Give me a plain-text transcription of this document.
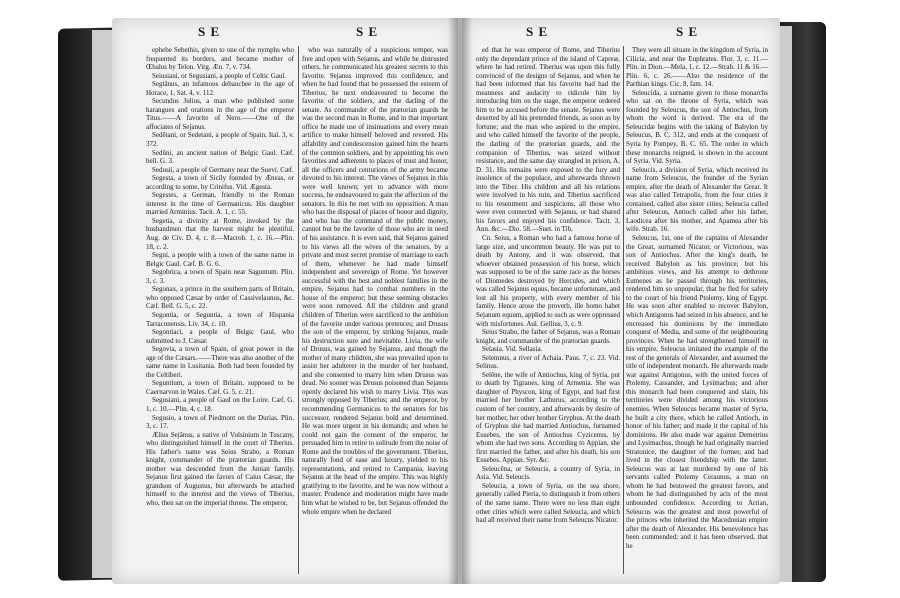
S E	S E

ephebe Sebethis, given to one of the nymphs who frequented its borders, and became mother of Œbalus by Telon. Virg. Æn. 7, v. 734.

Seiusiani, or Segusiani, a people of Celtic Gaul.

Segtânus, an infamous debauchee in the age of Horace, 1, Sat. 4, v. 112.

Secundus Julius, a man who published some harangues and orations in the age of the emperor Titus.——A favorite of Nero.——One of the affociates of Sejanus.

Sedêtani, or Sedetani, a people of Spain. Ital. 3, v. 372.

Sedûni, an ancient nation of Belgic Gaul. Cæf. bell. G. 3.

Sedusii, a people of Germany near the Suevi. Cæf.

Segesta, a town of Sicily founded by Æneas, or according to some, by Crinifus. Vid. Ægesta.

Segestes, a German, friendly to the Roman interest in the time of Germanicus. His daughter married Arminius. Tacit. A. 1, c. 55.

Segetia, a divinity at Rome, invoked by the husbandmen that the harvest might be plentiful. Aug. de Civ. D. 4, c. 8.—Macrob. 1, c. 16.—Plin. 18, c. 2.

Segni, a people with a town of the same name in Belgic Gaul. Cæf. B. G. 6.

Segobrica, a town of Spain near Saguntum. Plin. 3, c. 3.

Segonax, a prince in the southern parts of Britain, who opposed Cæsar by order of Cassivelaunus, &c. Cæf. Bell. G. 5, c. 22.

Segontia, or Seguntia, a town of Hispania Tarraconensis. Liv. 34, c. 10.

Segontiaci, a people of Belgic Gaul, who submitted to J. Cæsar.

Segovia, a town of Spain, of great power in the age of the Cæsars.——There was also another of the same name in Lusitania. Both had been founded by the Celtiberi.

Seguntium, a town of Britain, supposed to be Caernarvon in Wales. Cæf. G. 5, c. 21.

Segusiani, a people of Gaul on the Loire. Cæf. G. 1, c. 10.—Plin. 4, c. 18.

Segusio, a town of Piedmont on the Durias. Plin. 3, c. 17.

Ælius Sejânus, a native of Vulsinium in Tuscany, who distinguished himself in the court of Tiberius. His father's name was Seius Strabo, a Roman knight, commander of the prætorian guards. His mother was descended from the Junian family. Sejanus first gained the favors of Caius Cæsar, the grandson of Augustus, but afterwards he attached himself to the interest and the views of Tiberius, who, then sat on the imperial throne. The emperor,

who was naturally of a suspicious temper, was free and open with Sejanus, and while he distrusted others, he communicated his greatest secrets to this favorite. Sejanus improved this confidence, and when he had found that he possessed the esteem of Tiberius, he next endeavoured to become the favorite of the soldiers, and the darling of the senate. As commander of the prætorian guards he was the second man in Rome, and in that important office he made use of insinuations and every mean artifice to make himself beloved and revered. His affability and condescension gained him the hearts of the common soldiers, and by appointing his own favorites and adherents to places of trust and honor, all the officers and centurions of the army became devoted to his interest. The views of Sejanus in this were well known; yet to advance with more success, he endeavoured to gain the affection of the senators. In this he met with no opposition. A man who has the disposal of places of honor and dignity, and who has the command of the public money, cannot but be the favorite of those who are in need of his assistance. It is even said, that Sejanus gained to his views all the wives of the senators, by a private and most secret promise of marriage to each of them, whenever he had made himself independent and sovereign of Rome. Yet however successful with the best and noblest families in the empire, Sejanus had to combat numbers in the house of the emperor; but these seeming obstacles were soon removed. All the children and grand children of Tiberius were sacrificed to the ambition of the favorite under various pretences; and Drusus the son of the emperor, by striking Sejanus, made his destruction sure and inevitable. Livia, the wife of Drusus, was gained by Sejanus, and though the mother of many children, she was prevailed upon to assist her adulterer in the murder of her husband, and she consented to marry him when Drusus was dead. No sooner was Drusus poisoned than Sejanus openly declared his wish to marry Livia. This was strongly opposed by Tiberius; and the emperor, by recommending Germanicus to the senators for his successor, rendered Sejanus bold and determined. He was more urgent in his demands; and when he could not gain the consent of the emperor, he persuaded him to retire to solitude from the noise of Rome and the troubles of the government. Tiberius, naturally fond of ease and luxury, yielded to his representations, and retired to Campania, leaving Sejanus at the head of the empire. This was highly gratifying to the favorite, and he was now without a master. Prudence and moderation might have made him what he wished to be, but Sejanus offended the whole empire when he declared

S E	S E

ed that he was emperor of Rome, and Tiberius only the dependant prince of the island of Capreæ, where he had retired. Tiberius was upon this fully convinced of the designs of Sejanus, and when he had been informed that his favorite had had the meanness and audacity to ridicule him by introducing him on the stage, the emperor ordered him to be accused before the senate. Sejanus were deserted by all his pretended friends, as soon as by fortune; and the man who aspired to the empire, and who called himself the favorite of the people, the darling of the prætorian guards, and the companion of Tiberius, was seized without resistance, and the same day strangled in prison, A. D. 31. His remains were exposed to the fury and insolence of the populace, and afterwards thrown into the Tiber. His children and all his relations were involved in his ruin, and Tiberius sacrificed to his resentment and suspicions, all those who were even connected with Sejanus, or had shared his favors and enjoyed his confidence. Tacit. 3, Ann. &c.—Dio. 58.—Suet. in Tib.

Cn. Seius, a Roman who had a famous horse of large size, and uncommon beauty. He was put to death by Antony, and it was observed, that whoever obtained possession of his horse, which was supposed to be of the same race as the horses of Diomedes destroyed by Hercules, and which was called Sejanus equus, became unfortunate, and lost all his property, with every member of his family. Hence arose the proverb, ille homo habet Sejanum equum, applied to such as were oppressed with misfortunes. Aul. Gellius, 3, c. 9.

Seius Strabo, the father of Sejanus, was a Roman knight, and commander of the prætorian guards.

Selasia. Vid. Sellasia.

Selemnus, a river of Achaia. Paus. 7, c. 23. Vid. Selinus.

Selêne, the wife of Antiochus, king of Syria, put to death by Tigranes, king of Armenia. She was daughter of Physcon, king of Egypt, and had first married her brother Lathurus, according to the custom of her country, and afterwards by desire of her mother, her other brother Gryphus. At the death of Gryphus she had married Antiochus, furnamed Eusebes, the son of Antiochus Cyzicenus, by whom she had two sons. According to Appian, she first married the father, and after his death, his son Eusebes. Appian. Syr. &c.

Seleucêna, or Seleucis, a country of Syria, in Asia. Vid. Seleucis.

Seleucia, a town of Syria, on the sea shore, generally called Pieria, to distinguish it from others of the same name. There were no less than eight other cities which were called Seleucia, and which had all received their name from Seleucus Nicator.

They were all situate in the kingdom of Syria, in Cilicia, and near the Euphrates. Flor. 3, c. 11.—Plin. in Dion.—Mela, 1, c. 12.—Strab. 11 & 16.—Plin. 6, c. 26.——Also the residence of the Parthian kings. Cic. 8, fam. 14.

Seleucida, a surname given to those monarchs who sat on the throne of Syria, which was founded by Seleucus, the son of Antiochus, from whom the word is derived. The era of the Seleucidæ begins with the taking of Babylon by Seleucus, B. C. 312, and ends at the conquest of Syria by Pompey, B. C. 65. The order in which these monarchs reigned, is shown in the account of Syria. Vid. Syria.

Seleucis, a division of Syria, which received its name from Seleucus, the founder of the Syrian empire, after the death of Alexander the Great. It was also called Tetrapolis, from the four cities it contained, called also sister cities; Seleucia called after Seleucus, Antioch called after his father, Laodicea after his mother, and Apamea after his wife. Strab. 16.

Seleucus, 1st, one of the captains of Alexander the Great, surnamed Nicator, or Victorious, was son of Antiochus. After the king's death, he received Babylon as his province; but his ambitious views, and his attempt to dethrone Eumenes as he passed through his territories, rendered him so unpopular, that he fled for safety to the court of his friend Ptolemy, king of Egypt. He was soon after enabled to recover Babylon, which Antigonus had seized in his absence, and he encreased his dominions by the immediate conquest of Media, and some of the neighbouring provinces. When he had strengthened himself in his empire, Seleucus imitated the example of the rest of the generals of Alexander, and assumed the title of independent monarch. He afterwards made war against Antigonus, with the united forces of Ptolemy, Cassander, and Lysimachus; and after this monarch had been conquered and slain, his territories were divided among his victorious enemies. When Seleucus became master of Syria, he built a city there, which he called Antioch, in honor of his father; and made it the capital of his dominions. He also made war against Demetrius and Lysimachus, though he had originally married Stratonice, the daughter of the former, and had lived in the closest friendship with the latter. Seleucus was at last murdered by one of his servants called Ptolemy Ceraunus, a man on whom he had bestowed the greatest favors, and whom he had distinguished by acts of the most unbounded confidence. According to Arrian, Seleucus was the greatest and most powerful of the princes who inherited the Macedonian empire after the death of Alexander. His benevolence has been commended; and it has been observed, that he
